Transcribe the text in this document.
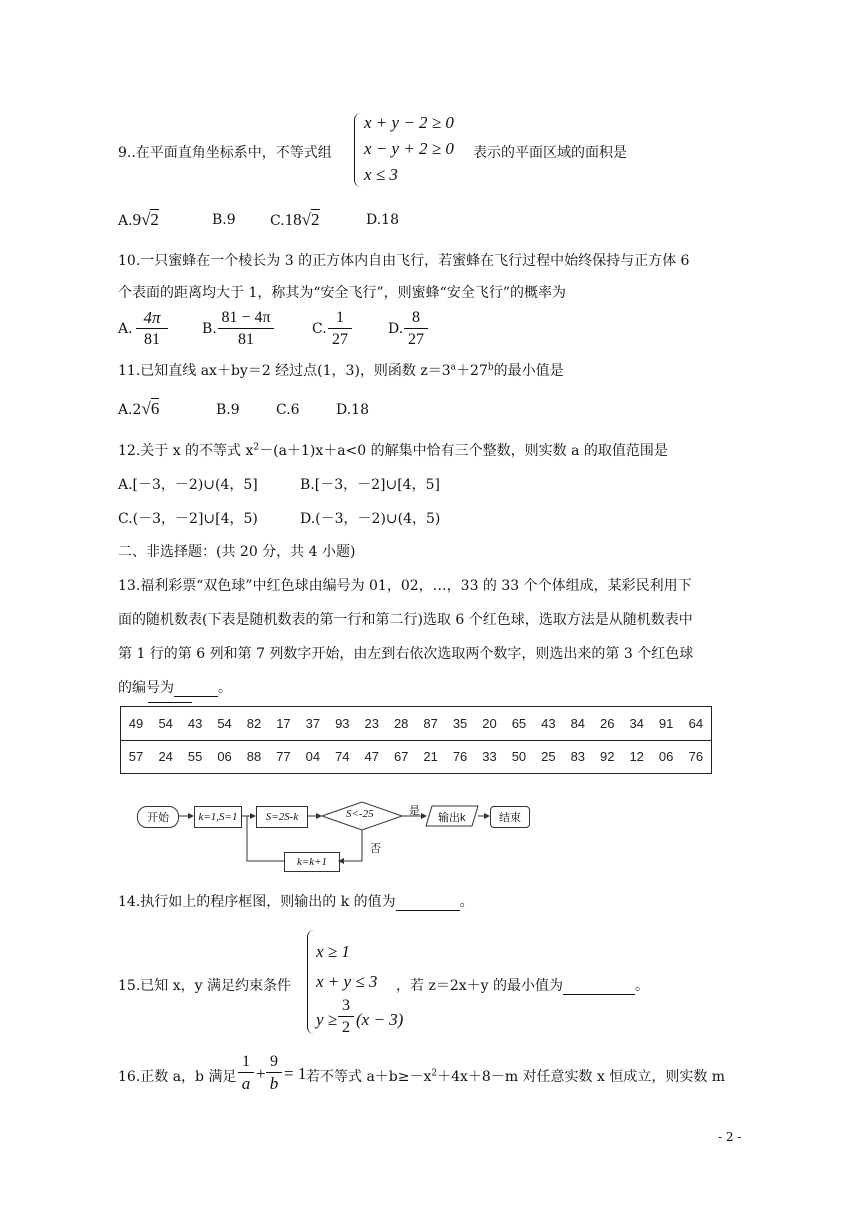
x + y − 2 ≥ 0
x − y + 2 ≥ 0
x ≤ 3
9..在平面直角坐标系中，不等式组	表示的平面区域的面积是
A.9√2	B.9 C.18√2	D.18
10.一只蜜蜂在一个棱长为 3 的正方体内自由飞行，若蜜蜂在飞行过程中始终保持与正方体 6
个表面的距离均大于 1，称其为“安全飞行”，则蜜蜂“安全飞行”的概率为
A. $\frac{4\pi}{81} B$. $\frac{81 - 4\pi}{81}$	C. $\frac{1}{27}$	D. $\frac{8}{27}$
11.已知直线 ax＋by＝2 经过点(1，3)，则函数 $z=3^a+27^b$的最小值是
A.2√6	B.9	C.6	D.18
12.关于 x 的不等式 $x^2-(a+1)x+a<0$ 的解集中恰有三个整数，则实数 a 的取值范围是
A.[－3，－2)∪(4，5]	B.[－3，－2]∪[4，5]
C.(－3，－2]∪[4，5)	D.(－3，－2)∪(4，5)
二、非选择题：(共 20 分，共 4 小题)
13.福利彩票“双色球”中红色球由编号为 01，02，…，33 的 33 个个体组成，某彩民利用下
面的随机数表(下表是随机数表的第一行和第二行)选取 6 个红色球，选取方法是从随机数表中
第 1 行的第 6 列和第 7 列数字开始，由左到右依次选取两个数字，则选出来的第 3 个红色球
的编号为	。
49	54	43	54	82	17	37	93	23	28	87	35	20	65	43	84	26	34	91	64
57	24	55	06	88	77	04	74	47	67	21	76	33	50	25	83	92	12	06	76
开始	k=1,S=1	S=2S-k	S<-25	是
输出k	结束
否
k=k+1
14.执行如上的程序框图，则输出的 k 的值为	。
x ≥ 1
x + y ≤ 3
$y \ge \frac{3}{2} (x - 3)$
15.已知 x，y 满足约束条件	，若 z＝2x＋y 的最小值为	。
16.正数 a，b 满足 $\frac{1}{a} + \frac{9}{b} = 1$ 若不等式 $a+b\ge-x^2+4x+8-m$ 对任意实数 x 恒成立，则实数 m
- 2 -
